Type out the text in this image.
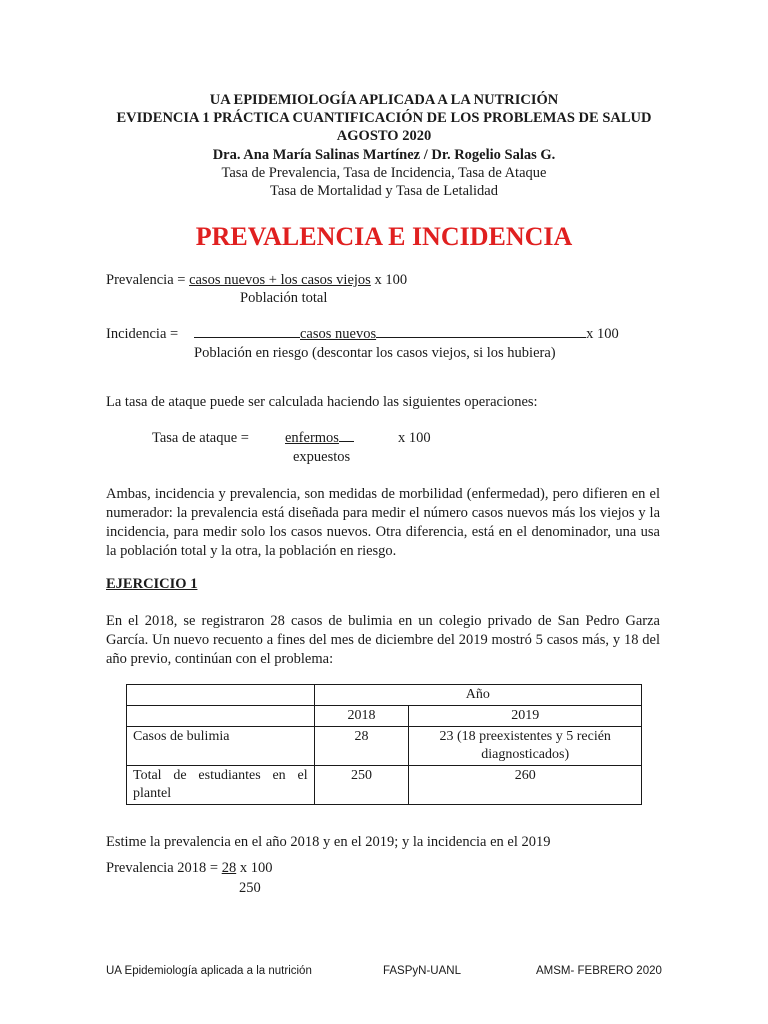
UA EPIDEMIOLOGÍA APLICADA A LA NUTRICIÓN
EVIDENCIA 1 PRÁCTICA CUANTIFICACIÓN DE LOS PROBLEMAS DE SALUD
AGOSTO 2020
Dra. Ana María Salinas Martínez / Dr. Rogelio Salas G.
Tasa de Prevalencia, Tasa de Incidencia, Tasa de Ataque
Tasa de Mortalidad y Tasa de Letalidad
PREVALENCIA E INCIDENCIA
Prevalencia = casos nuevos + los casos viejos x 100
Población total
Incidencia =	casos nuevos	x 100
Población en riesgo (descontar los casos viejos, si los hubiera)
La tasa de ataque puede ser calculada haciendo las siguientes operaciones:
Tasa de ataque = enfermos	x 100
expuestos
Ambas, incidencia y prevalencia, son medidas de morbilidad (enfermedad), pero difieren en el numerador: la prevalencia está diseñada para medir el número casos nuevos más los viejos y la incidencia, para medir solo los casos nuevos. Otra diferencia, está en el denominador, una usa la población total y la otra, la población en riesgo.
EJERCICIO 1
En el 2018, se registraron 28 casos de bulimia en un colegio privado de San Pedro Garza García. Un nuevo recuento a fines del mes de diciembre del 2019 mostró 5 casos más, y 18 del año previo, continúan con el problema:
	Año	
	2018	2019
Casos de bulimia	28	23 (18 preexistentes y 5 recién diagnosticados)
Total de estudiantes en el plantel	250	260
Estime la prevalencia en el año 2018 y en el 2019; y la incidencia en el 2019
Prevalencia 2018 = 28 x 100
250
UA Epidemiología aplicada a la nutrición	FASPyN-UANL	AMSM- FEBRERO 2020
